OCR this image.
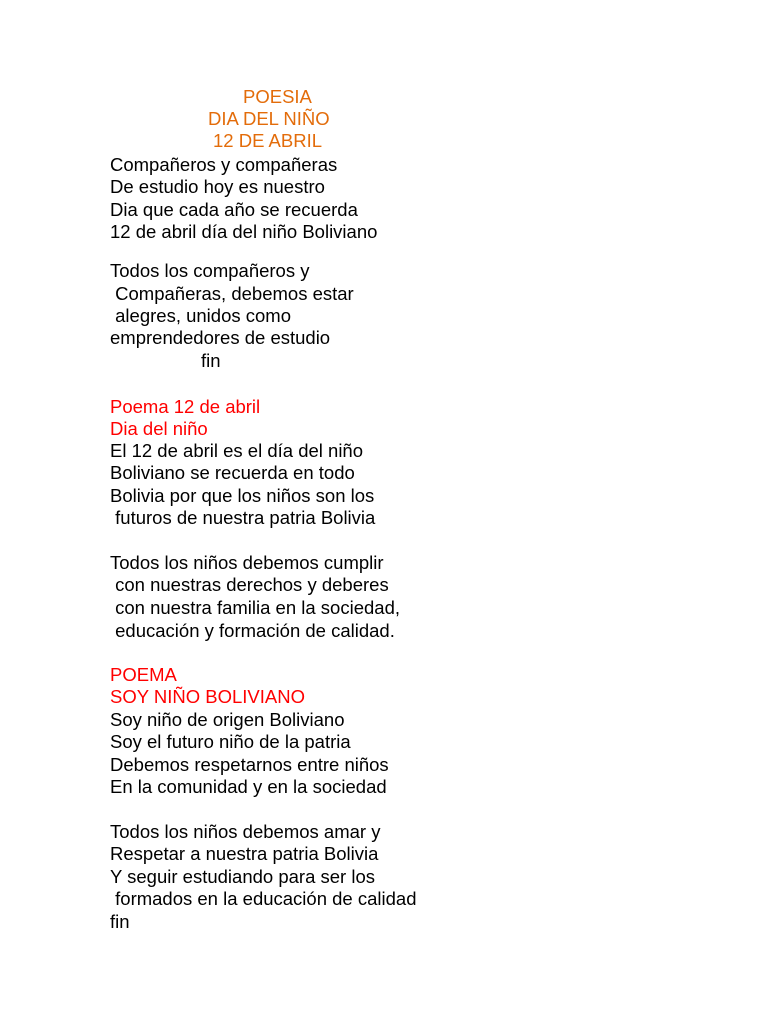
POESIA
DIA DEL NIÑO
12 DE ABRIL
Compañeros y compañeras
De estudio hoy es nuestro
Dia que cada año se recuerda
12 de abril día del niño Boliviano
Todos los compañeros y
Compañeras, debemos estar
alegres, unidos como
emprendedores de estudio
fin
Poema 12 de abril
Dia del niño
El 12 de abril es el día del niño
Boliviano se recuerda en todo
Bolivia por que los niños son los
futuros de nuestra patria Bolivia
Todos los niños debemos cumplir
con nuestras derechos y deberes
con nuestra familia en la sociedad,
educación y formación de calidad.
POEMA
SOY NIÑO BOLIVIANO
Soy niño de origen Boliviano
Soy el futuro niño de la patria
Debemos respetarnos entre niños
En la comunidad y en la sociedad
Todos los niños debemos amar y
Respetar a nuestra patria Bolivia
Y seguir estudiando para ser los
formados en la educación de calidad
fin
